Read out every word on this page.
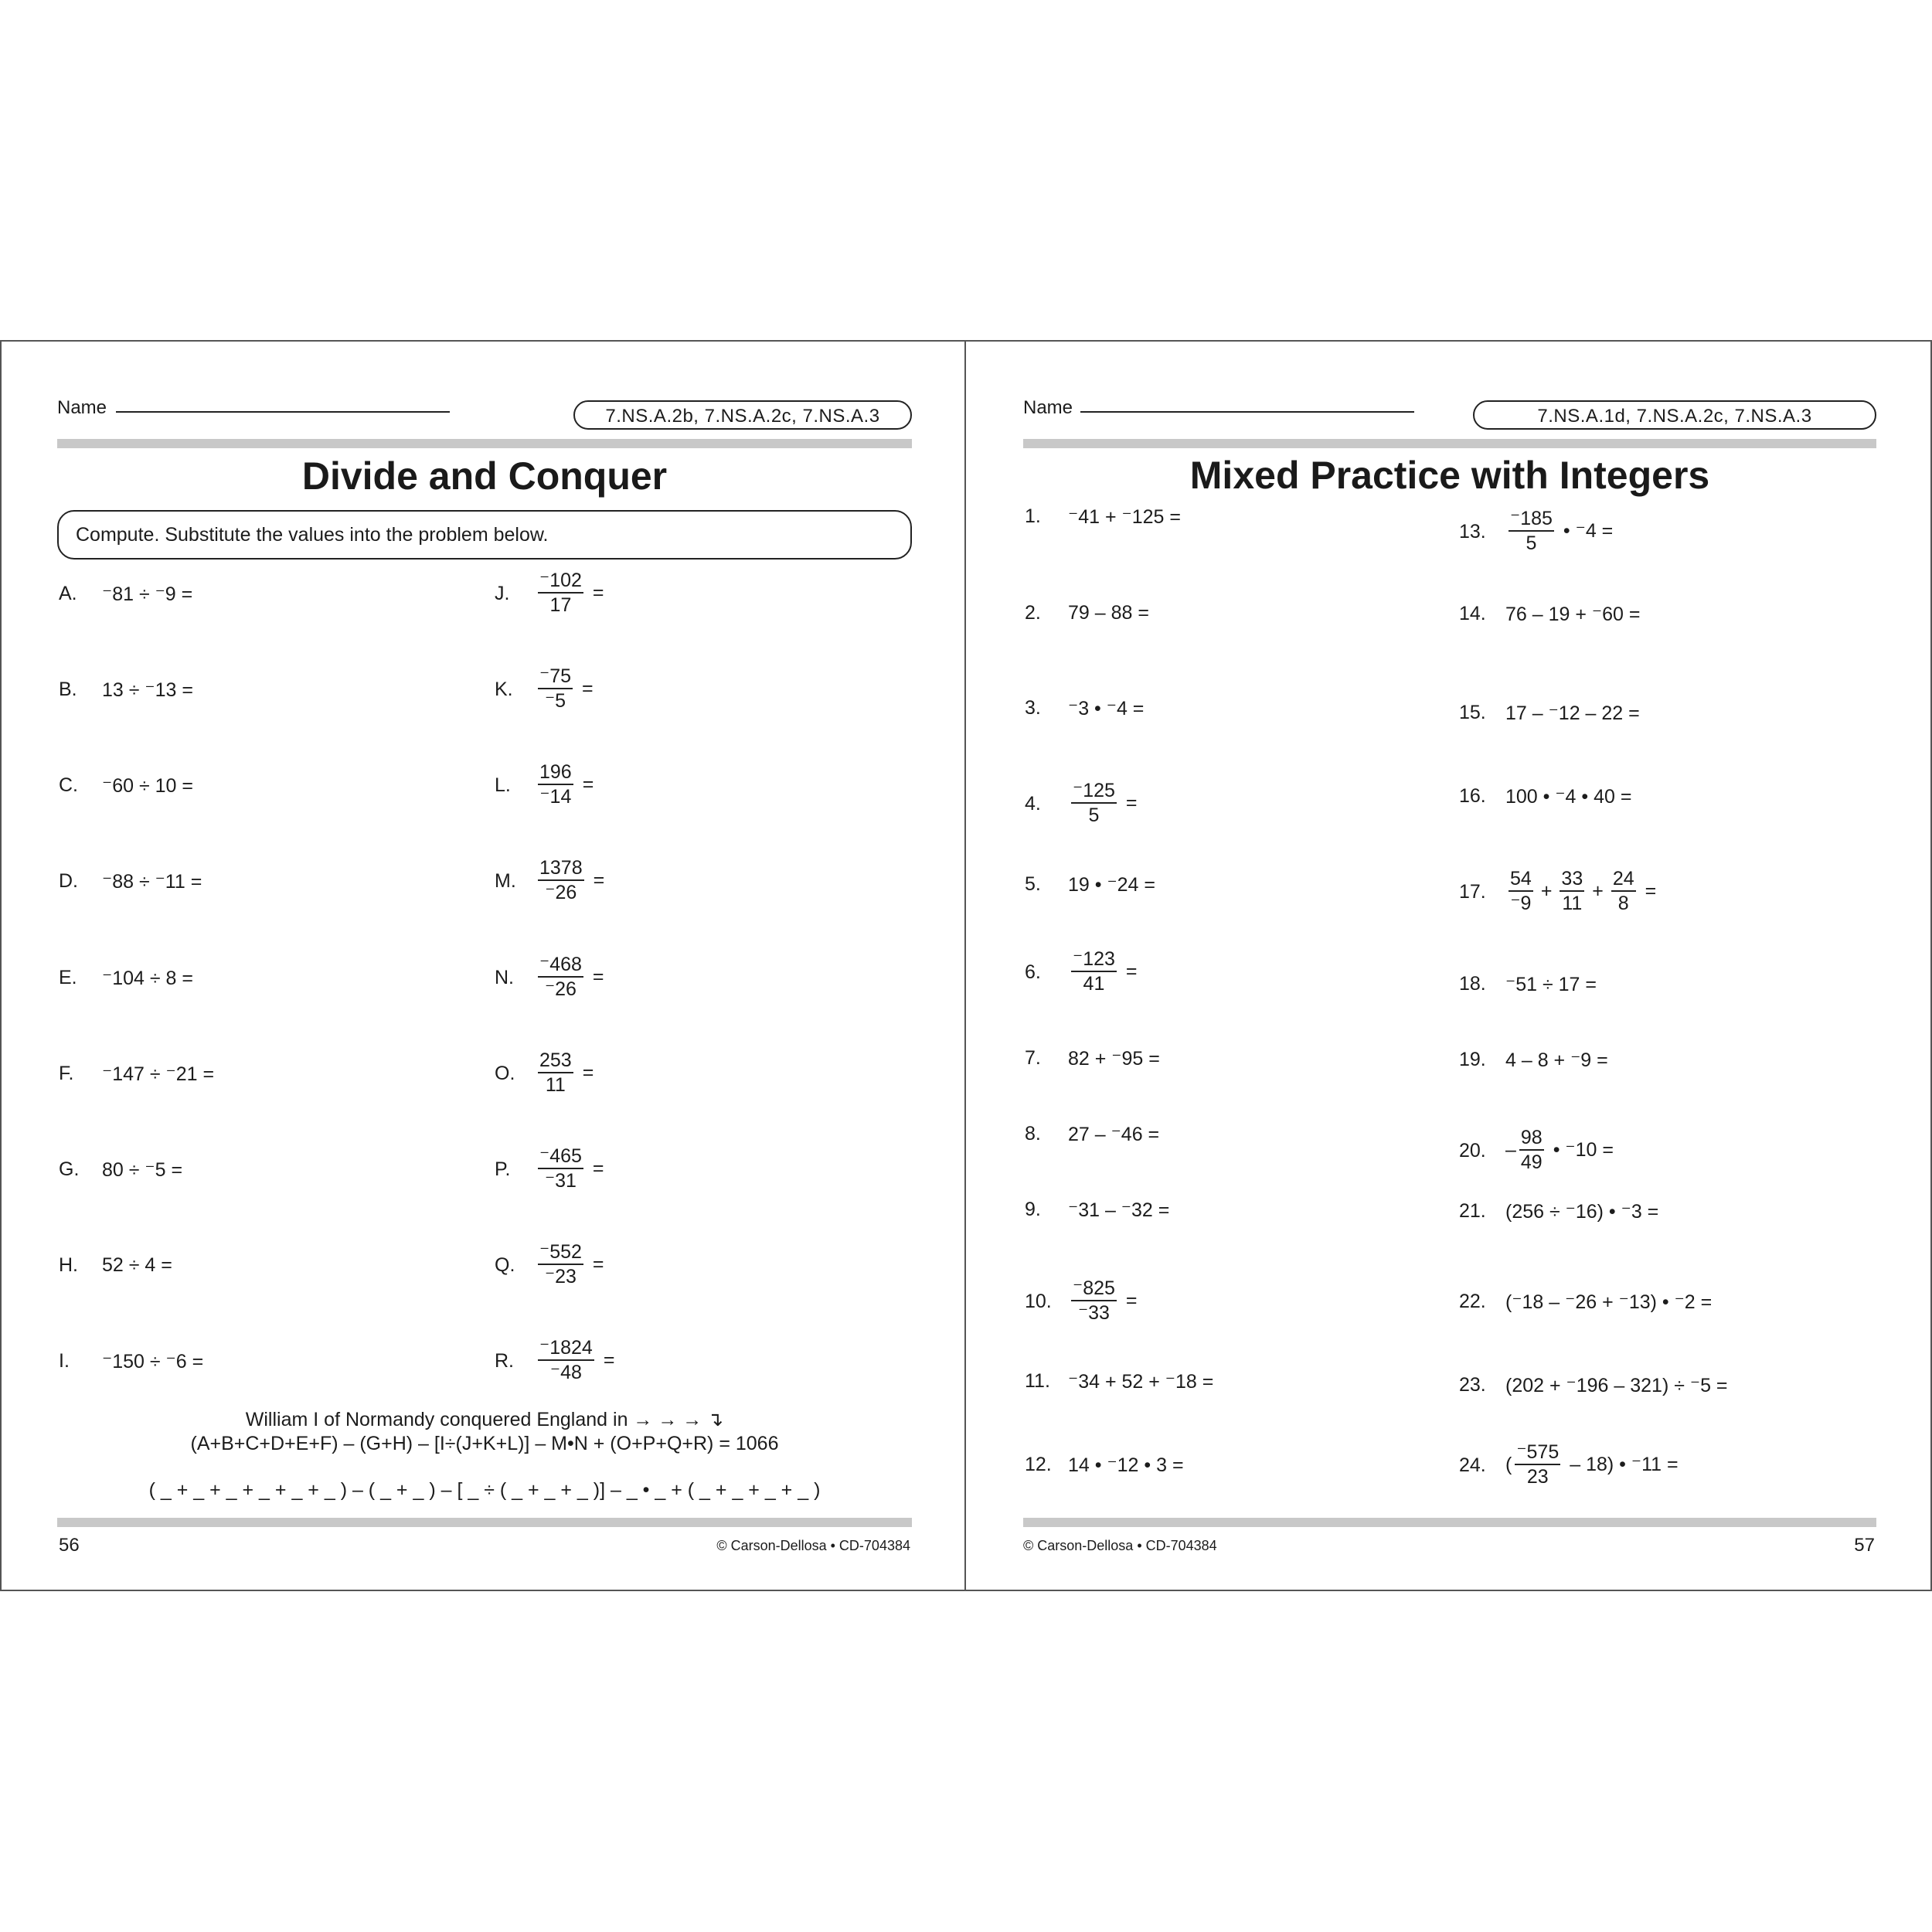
Name	7.NS.A.2b, 7.NS.A.2c, 7.NS.A.3
Divide and Conquer
Compute. Substitute the values into the problem below.
A. ⁻81 ÷ ⁻9 =
B. 13 ÷ ⁻13 =
C. ⁻60 ÷ 10 =
D. ⁻88 ÷ ⁻11 =
E. ⁻104 ÷ 8 =
F. ⁻147 ÷ ⁻21 =
G. 80 ÷ ⁻5 =
H. 52 ÷ 4 =
I. ⁻150 ÷ ⁻6 =
J. $\frac{^-102}{17}$ =
K. $\frac{^-75}{^-5}$ =
L. $\frac{196}{^-14}$ =
M. $\frac{1378}{^-26}$ =
N. $\frac{^-468}{^-26}$ =
O. $\frac{253}{11}$ =
P. $\frac{^-465}{^-31}$ =
Q. $\frac{^-552}{^-23}$ =
R. $\frac{^-1824}{^-48}$ =
William I of Normandy conquered England in → → → ↴
(A+B+C+D+E+F) – (G+H) – [I÷(J+K+L)] – M•N + (O+P+Q+R) = 1066
( _ + _ + _ + _ + _ + _ ) – ( _ + _ ) – [ _ ÷ ( _ + _ + _ )] – _ • _ + ( _ + _ + _ + _ )
56	© Carson-Dellosa • CD-704384
Name	7.NS.A.1d, 7.NS.A.2c, 7.NS.A.3
Mixed Practice with Integers
1. ⁻41 + ⁻125 =
2. 79 – 88 =
3. ⁻3 • ⁻4 =
4. $\frac{^-125}{5}$ =
5. 19 • ⁻24 =
6. $\frac{^-123}{41}$ =
7. 82 + ⁻95 =
8. 27 – ⁻46 =
9. ⁻31 – ⁻32 =
10. $\frac{^-825}{^-33}$ =
11. ⁻34 + 52 + ⁻18 =
12. 14 • ⁻12 • 3 =
13. $\frac{^-185}{5}$ • ⁻4 =
14. 76 – 19 + ⁻60 =
15. 17 – ⁻12 – 22 =
16. 100 • ⁻4 • 40 =
17. $\frac{54}{^-9} + \frac{33}{11} + \frac{24}{8}$ =
18. ⁻51 ÷ 17 =
19. 4 – 8 + ⁻9 =
20. – $\frac{98}{49}$ • ⁻10 =
21. (256 ÷ ⁻16) • ⁻3 =
22. (⁻18 – ⁻26 + ⁻13) • ⁻2 =
23. (202 + ⁻196 – 321) ÷ ⁻5 =
24. ( $\frac{^-575}{23} - 18$) • ⁻11 =
© Carson-Dellosa • CD-704384	57
